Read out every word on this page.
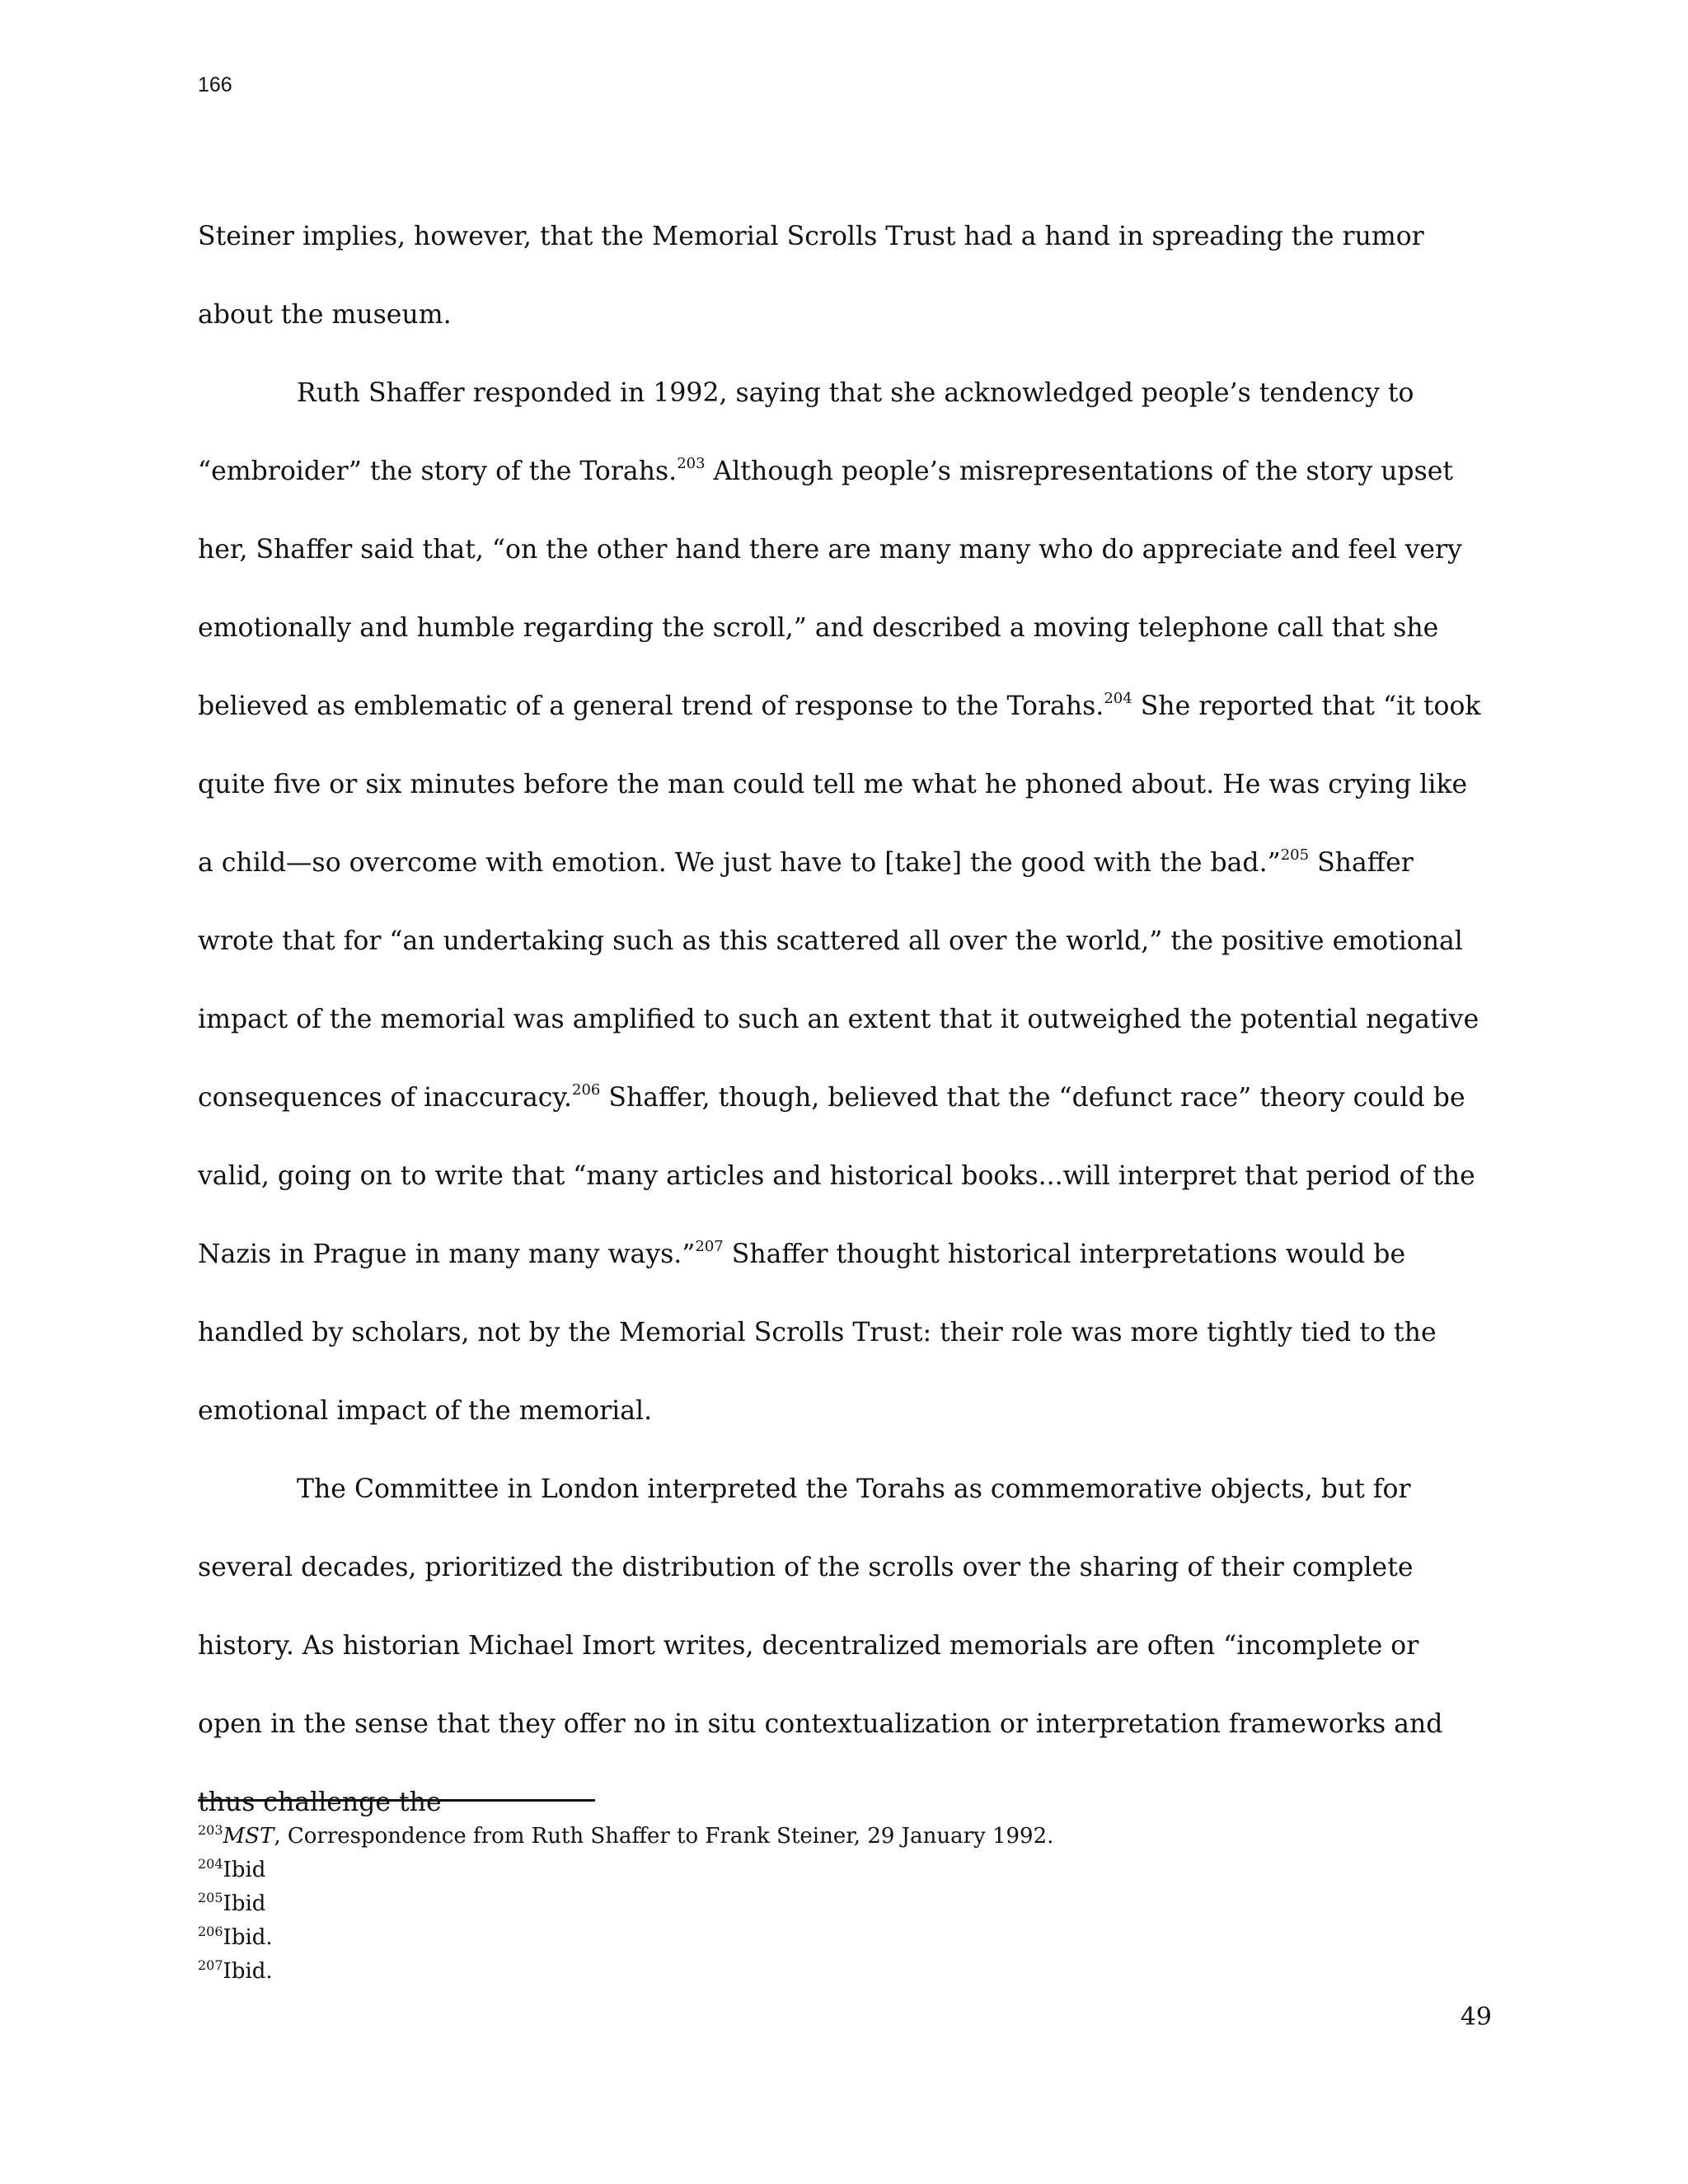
166

Steiner implies, however, that the Memorial Scrolls Trust had a hand in spreading the rumor about the museum.

Ruth Shaffer responded in 1992, saying that she acknowledged people’s tendency to “embroider” the story of the Torahs.$^{203}$ Although people’s misrepresentations of the story upset her, Shaffer said that, “on the other hand there are many many who do appreciate and feel very emotionally and humble regarding the scroll,” and described a moving telephone call that she believed as emblematic of a general trend of response to the Torahs.$^{204}$ She reported that “it took quite five or six minutes before the man could tell me what he phoned about. He was crying like a child—so overcome with emotion. We just have to [take] the good with the bad.”$^{205}$ Shaffer wrote that for “an undertaking such as this scattered all over the world,” the positive emotional impact of the memorial was amplified to such an extent that it outweighed the potential negative consequences of inaccuracy.$^{206}$ Shaffer, though, believed that the “defunct race” theory could be valid, going on to write that “many articles and historical books...will interpret that period of the Nazis in Prague in many many ways.”$^{207}$ Shaffer thought historical interpretations would be handled by scholars, not by the Memorial Scrolls Trust: their role was more tightly tied to the emotional impact of the memorial.

The Committee in London interpreted the Torahs as commemorative objects, but for several decades, prioritized the distribution of the scrolls over the sharing of their complete history. As historian Michael Imort writes, decentralized memorials are often “incomplete or open in the sense that they offer no in situ contextualization or interpretation frameworks and thus challenge the

$^{203}$MST, Correspondence from Ruth Shaffer to Frank Steiner, 29 January 1992.
$^{204}$Ibid
$^{205}$Ibid
$^{206}$Ibid.
$^{207}$Ibid.
49
